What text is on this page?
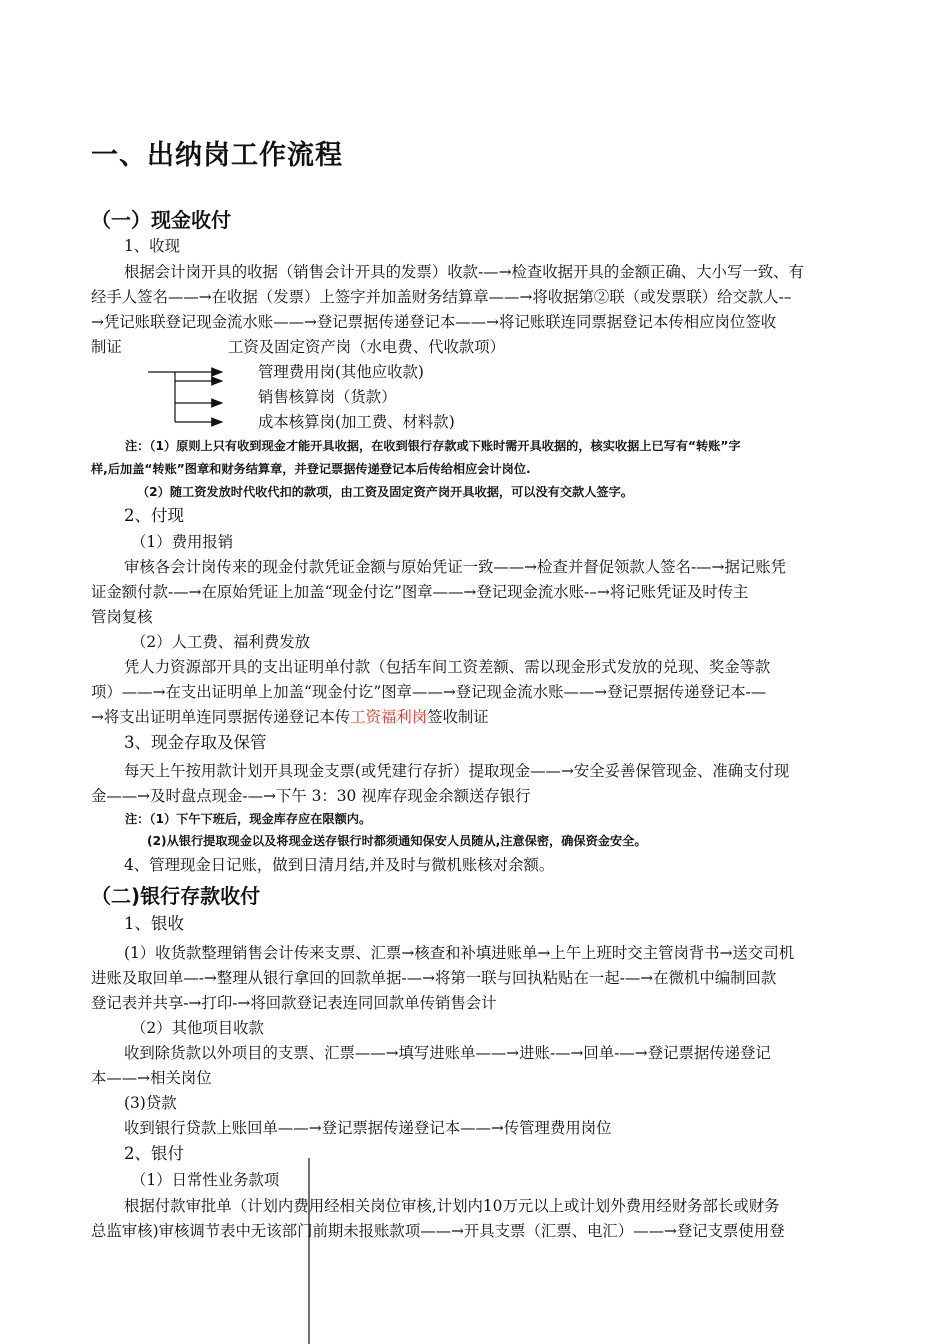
一、出纳岗工作流程
（一）现金收付
1、收现
根据会计岗开具的收据（销售会计开具的发票）收款-—→检查收据开具的金额正确、大小写一致、有
经手人签名——→在收据（发票）上签字并加盖财务结算章——→将收据第②联（或发票联）给交款人-–
→凭记账联登记现金流水账——→登记票据传递登记本——→将记账联连同票据登记本传相应岗位签收
制证	工资及固定资产岗（水电费、代收款项）
管理费用岗(其他应收款)
销售核算岗（货款）
成本核算岗(加工费、材料款)
注：（1）原则上只有收到现金才能开具收据，在收到银行存款或下账时需开具收据的，核实收据上已写有“转账”字
样,后加盖“转账”图章和财务结算章，并登记票据传递登记本后传给相应会计岗位.
（2）随工资发放时代收代扣的款项，由工资及固定资产岗开具收据，可以没有交款人签字。
2、付现
（1）费用报销
审核各会计岗传来的现金付款凭证金额与原始凭证一致——→检查并督促领款人签名-—→据记账凭
证金额付款-—→在原始凭证上加盖“现金付讫”图章——→登记现金流水账-–→将记账凭证及时传主
管岗复核
（2）人工费、福利费发放
凭人力资源部开具的支出证明单付款（包括车间工资差额、需以现金形式发放的兑现、奖金等款
项）——→在支出证明单上加盖“现金付讫”图章——→登记现金流水账——→登记票据传递登记本-—
→将支出证明单连同票据传递登记本传工资福利岗签收制证
3、现金存取及保管
每天上午按用款计划开具现金支票(或凭建行存折）提取现金——→安全妥善保管现金、准确支付现
金——→及时盘点现金-—→下午 3：30 视库存现金余额送存银行
注：（1）下午下班后，现金库存应在限额内。
(2)从银行提取现金以及将现金送存银行时都须通知保安人员随从,注意保密，确保资金安全。
4、管理现金日记账，做到日清月结,并及时与微机账核对余额。
（二)银行存款收付
1、银收
(1）收货款整理销售会计传来支票、汇票→核查和补填进账单→上午上班时交主管岗背书→送交司机
进账及取回单—-→整理从银行拿回的回款单据-—→将第一联与回执粘贴在一起-—→在微机中编制回款
登记表并共享-→打印-→将回款登记表连同回款单传销售会计
（2）其他项目收款
收到除货款以外项目的支票、汇票——→填写进账单——→进账-—→回单-—→登记票据传递登记
本——→相关岗位
(3)贷款
收到银行贷款上账回单——→登记票据传递登记本——→传管理费用岗位
2、银付
（1）日常性业务款项
根据付款审批单（计划内费用经相关岗位审核,计划内10万元以上或计划外费用经财务部长或财务
总监审核)审核调节表中无该部门前期未报账款项——→开具支票（汇票、电汇）——→登记支票使用登
